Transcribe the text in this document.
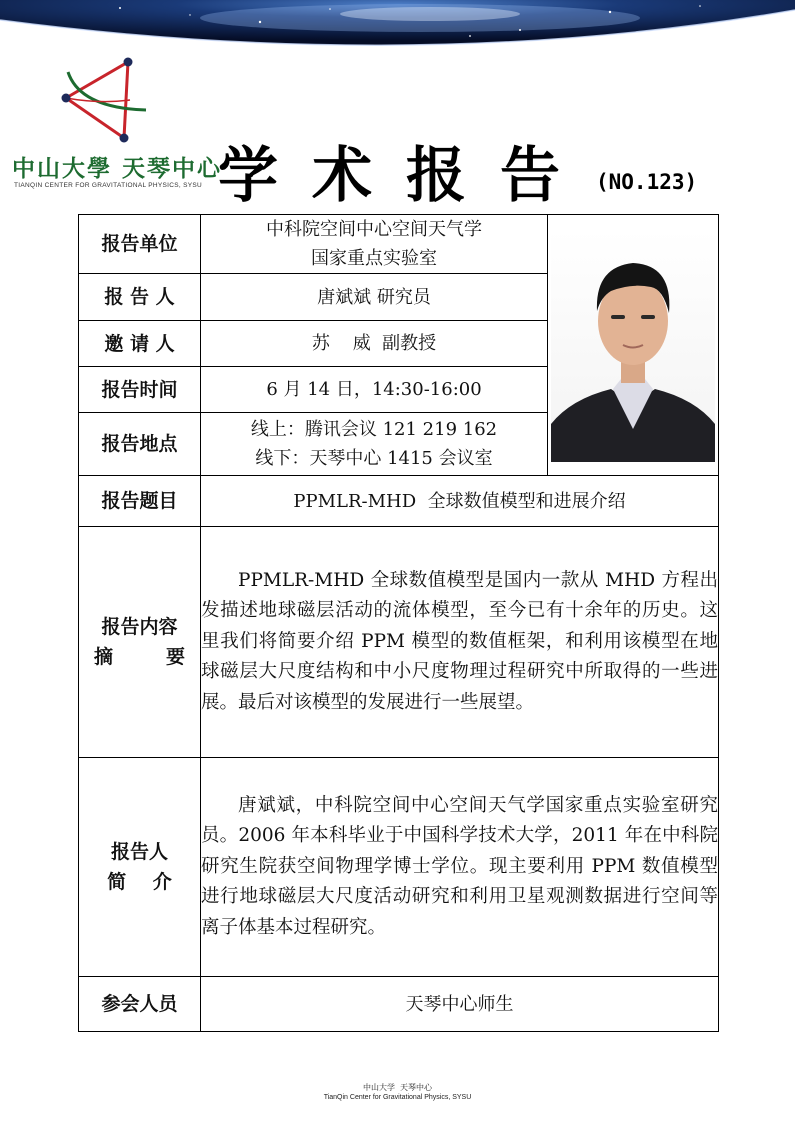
中山大學 天琴中心
TIANQIN CENTER FOR GRAVITATIONAL PHYSICS, SYSU 学术报告 (NO.123)
报告单位	中科院空间中心空间天气学
国家重点实验室

报 告 人	唐斌斌 研究员	
邀 请 人	苏    威  副教授	
报告时间	6 月 14 日，14:30-16:00	
报告地点	线上：腾讯会议 121 219 162
线下：天琴中心 1415 会议室	

报告题目	PPMLR-MHD  全球数值模型和进展介绍	

报告内容
摘        要	PPMLR-MHD 全球数值模型是国内一款从 MHD 方程出发描述地球磁层活动的流体模型，至今已有十余年的历史。这里我们将简要介绍 PPM 模型的数值框架，和利用该模型在地球磁层大尺度结构和中小尺度物理过程研究中所取得的一些进展。最后对该模型的发展进行一些展望。	

报告人
简    介	唐斌斌，中科院空间中心空间天气学国家重点实验室研究员。2006 年本科毕业于中国科学技术大学，2011 年在中科院研究生院获空间物理学博士学位。现主要利用 PPM 数值模型进行地球磁层大尺度活动研究和利用卫星观测数据进行空间等离子体基本过程研究。	
参会人员	天琴中心师生	
中山大学  天琴中心
TianQin Center for Gravitational Physics, SYSU
